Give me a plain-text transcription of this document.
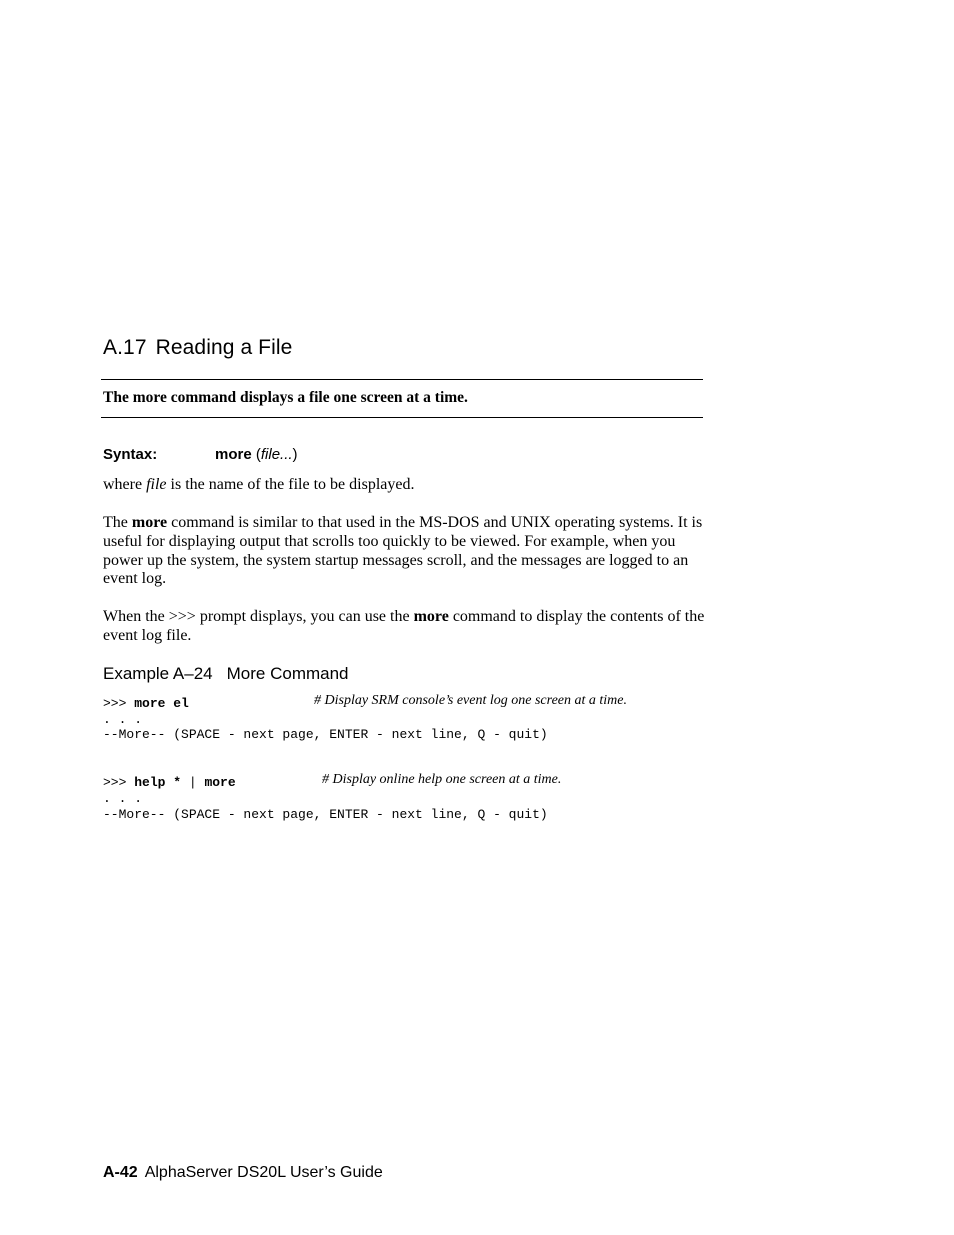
A.17 Reading a File
The more command displays a file one screen at a time.
Syntax:	more (file...)

where file is the name of the file to be displayed.

The more command is similar to that used in the MS-DOS and UNIX operating systems. It is useful for displaying output that scrolls too quickly to be viewed. For example, when you power up the system, the system startup messages scroll, and the messages are logged to an event log.

When the >>> prompt displays, you can use the more command to display the contents of the event log file.

Example A–24 More Command
>>> more el	# Display SRM console’s event log one screen at a time.
. . .
--More-- (SPACE - next page, ENTER - next line, Q - quit)
>>> help * | more	# Display online help one screen at a time.
. . .
--More-- (SPACE - next page, ENTER - next line, Q - quit)
A-42 AlphaServer DS20L User’s Guide
